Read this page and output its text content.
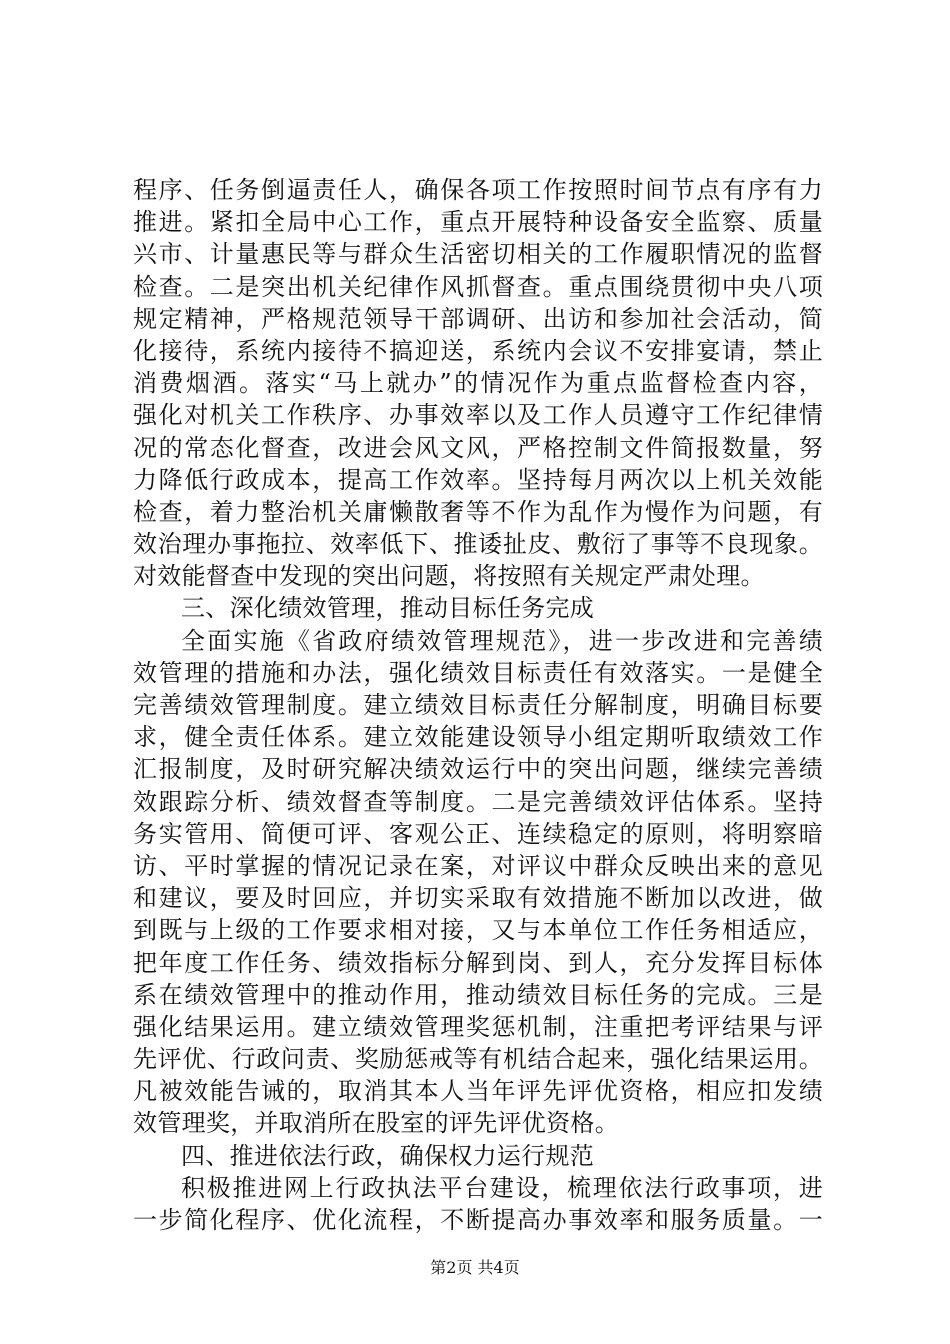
程序、任务倒逼责任人，确保各项工作按照时间节点有序有力
推进。紧扣全局中心工作，重点开展特种设备安全监察、质量
兴市、计量惠民等与群众生活密切相关的工作履职情况的监督
检查。二是突出机关纪律作风抓督查。重点围绕贯彻中央八项
规定精神，严格规范领导干部调研、出访和参加社会活动，简
化接待，系统内接待不搞迎送，系统内会议不安排宴请，禁止
消费烟酒。落实“马上就办”的情况作为重点监督检查内容，
强化对机关工作秩序、办事效率以及工作人员遵守工作纪律情
况的常态化督查，改进会风文风，严格控制文件简报数量，努
力降低行政成本，提高工作效率。坚持每月两次以上机关效能
检查，着力整治机关庸懒散奢等不作为乱作为慢作为问题，有
效治理办事拖拉、效率低下、推诿扯皮、敷衍了事等不良现象。
对效能督查中发现的突出问题，将按照有关规定严肃处理。
三、深化绩效管理，推动目标任务完成
全面实施《省政府绩效管理规范》，进一步改进和完善绩
效管理的措施和办法，强化绩效目标责任有效落实。一是健全
完善绩效管理制度。建立绩效目标责任分解制度，明确目标要
求，健全责任体系。建立效能建设领导小组定期听取绩效工作
汇报制度，及时研究解决绩效运行中的突出问题，继续完善绩
效跟踪分析、绩效督查等制度。二是完善绩效评估体系。坚持
务实管用、简便可评、客观公正、连续稳定的原则，将明察暗
访、平时掌握的情况记录在案，对评议中群众反映出来的意见
和建议，要及时回应，并切实采取有效措施不断加以改进，做
到既与上级的工作要求相对接，又与本单位工作任务相适应，
把年度工作任务、绩效指标分解到岗、到人，充分发挥目标体
系在绩效管理中的推动作用，推动绩效目标任务的完成。三是
强化结果运用。建立绩效管理奖惩机制，注重把考评结果与评
先评优、行政问责、奖励惩戒等有机结合起来，强化结果运用。
凡被效能告诫的，取消其本人当年评先评优资格，相应扣发绩
效管理奖，并取消所在股室的评先评优资格。
四、推进依法行政，确保权力运行规范
积极推进网上行政执法平台建设，梳理依法行政事项，进
一步简化程序、优化流程，不断提高办事效率和服务质量。一
第2页 共4页
